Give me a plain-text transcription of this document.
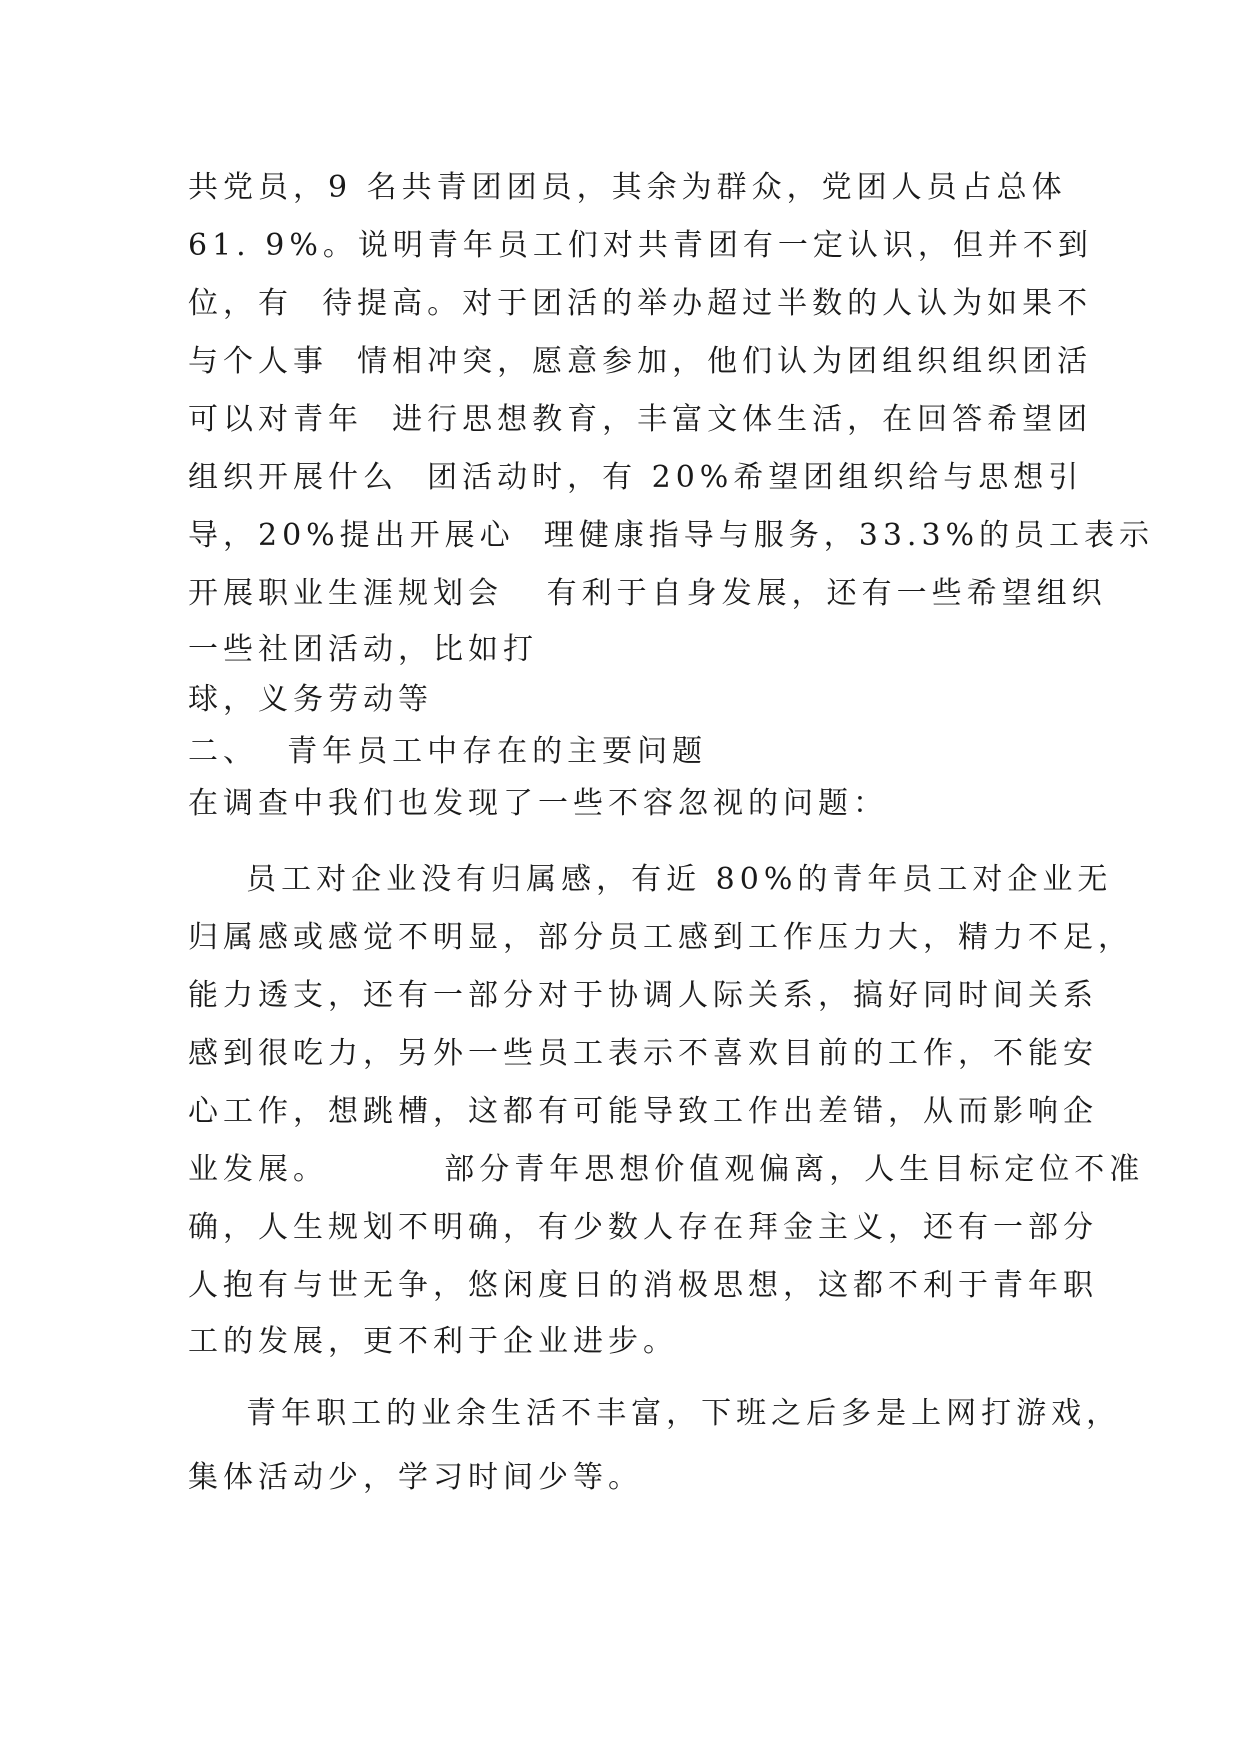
共党员，9 名共青团团员，其余为群众，党团人员占总体
61. 9%。说明青年员工们对共青团有一定认识，但并不到
位，有  待提高。对于团活的举办超过半数的人认为如果不
与个人事  情相冲突，愿意参加，他们认为团组织组织团活
可以对青年  进行思想教育，丰富文体生活，在回答希望团
组织开展什么  团活动时，有 20%希望团组织给与思想引
导，20%提出开展心  理健康指导与服务，33.3%的员工表示
开展职业生涯规划会   有利于自身发展，还有一些希望组织
一些社团活动，比如打
球，义务劳动等
二、  青年员工中存在的主要问题
在调查中我们也发现了一些不容忽视的问题：
员工对企业没有归属感，有近 80%的青年员工对企业无
归属感或感觉不明显，部分员工感到工作压力大，精力不足，
能力透支，还有一部分对于协调人际关系，搞好同时间关系
感到很吃力，另外一些员工表示不喜欢目前的工作，不能安
心工作，想跳槽，这都有可能导致工作出差错，从而影响企
业发展。        部分青年思想价值观偏离，人生目标定位不准
确，人生规划不明确，有少数人存在拜金主义，还有一部分
人抱有与世无争，悠闲度日的消极思想，这都不利于青年职
工的发展，更不利于企业进步。
青年职工的业余生活不丰富，下班之后多是上网打游戏，
集体活动少，学习时间少等。
